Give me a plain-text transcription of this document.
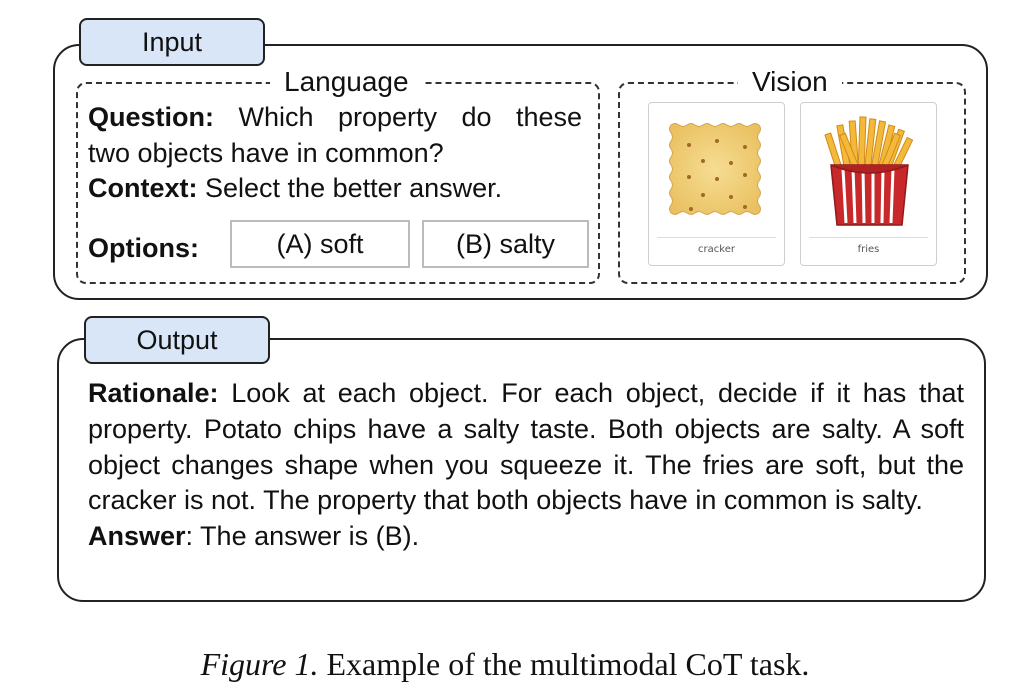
Input
Language
Question: Which property do these
two objects have in common?
Context: Select the better answer.
Options:	(A) soft	(B) salty
Vision
cracker	fries
Output
Rationale: Look at each object. For each object, decide if it has that property. Potato chips have a salty taste. Both objects are salty. A soft object changes shape when you squeeze it. The fries are soft, but the cracker is not. The property that both objects have in common is salty.
Answer: The answer is (B).
Figure 1. Example of the multimodal CoT task.
